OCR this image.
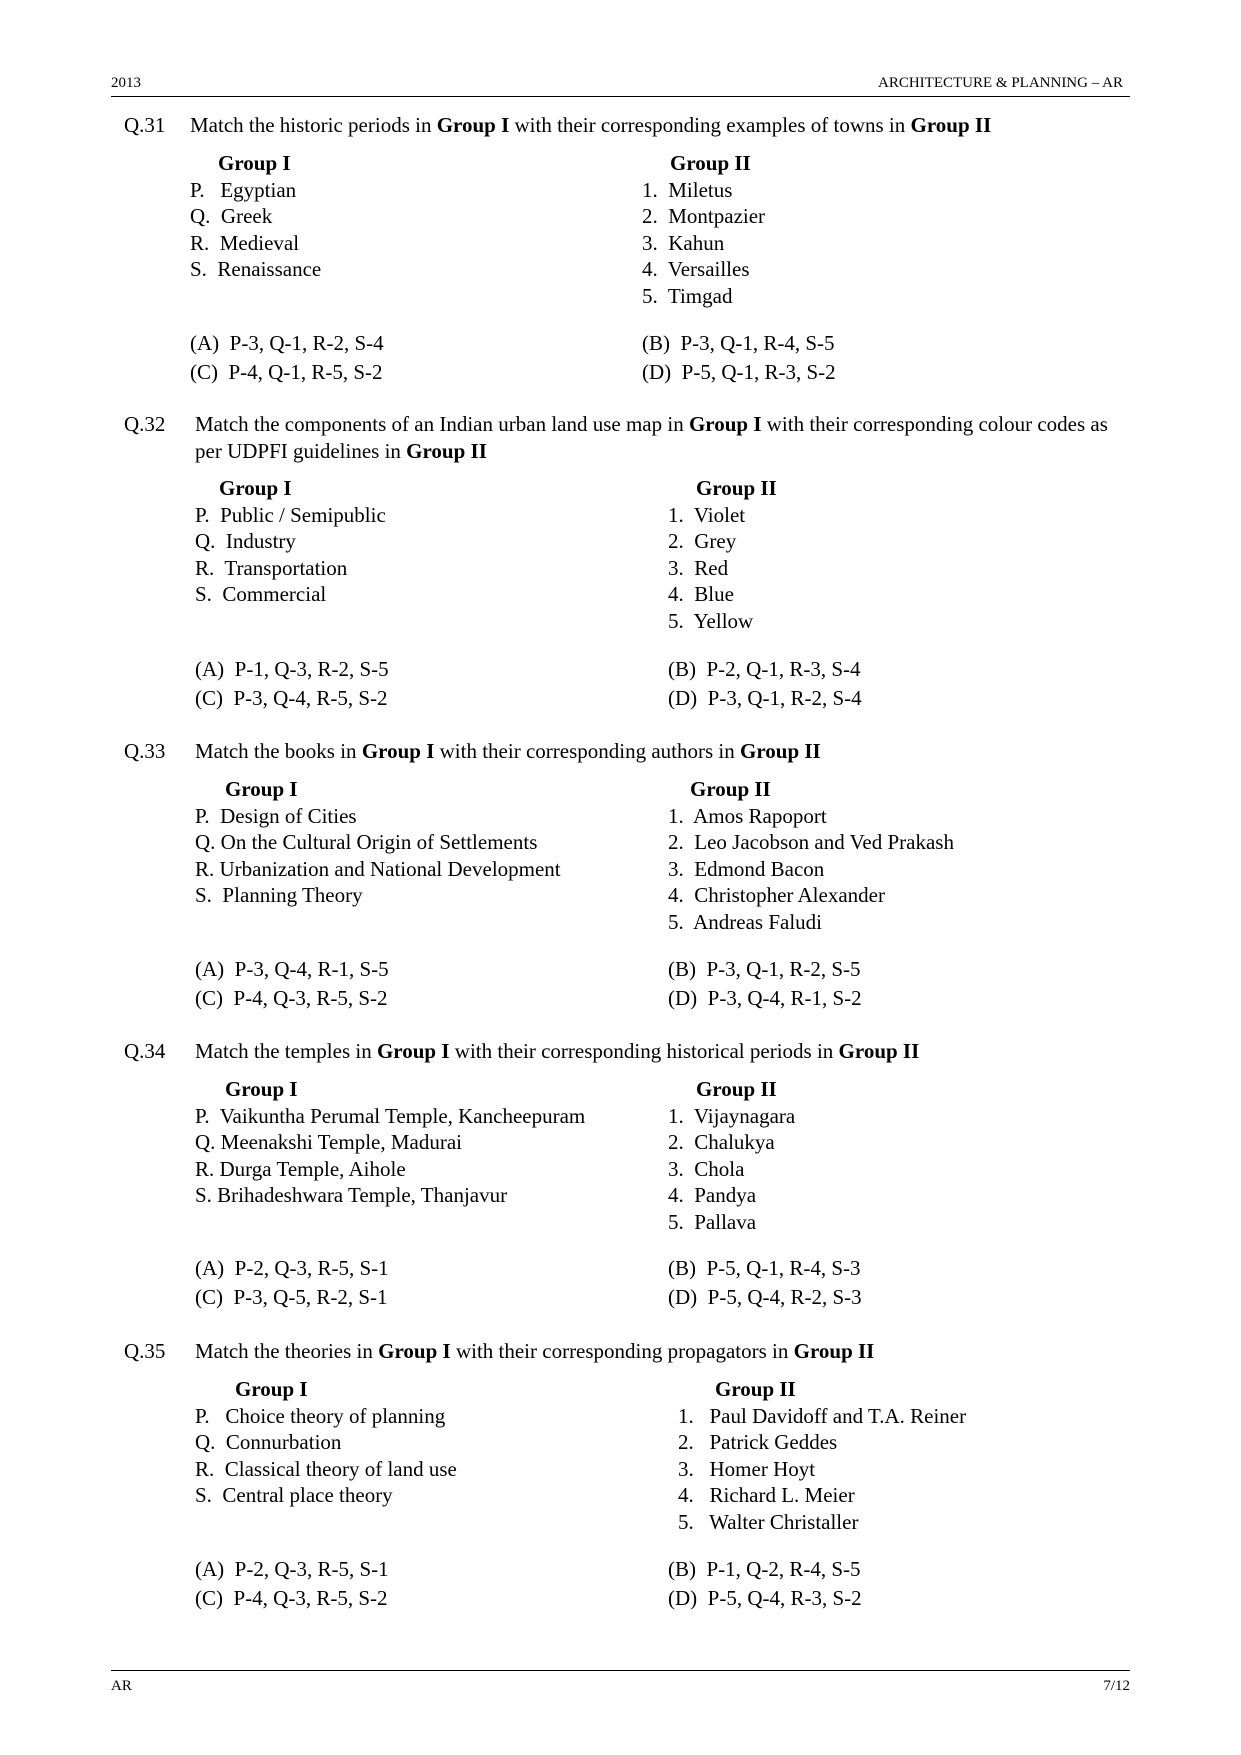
2013	ARCHITECTURE & PLANNING – AR
Q.31 Match the historic periods in Group I with their corresponding examples of towns in Group II
Group I
P.   Egyptian
Q.  Greek
R.  Medieval
S.  Renaissance
Group II
1.  Miletus
2.  Montpazier
3.  Kahun
4.  Versailles
5.  Timgad
(A)  P-3, Q-1, R-2, S-4	(B)  P-3, Q-1, R-4, S-5
(C)  P-4, Q-1, R-5, S-2	(D)  P-5, Q-1, R-3, S-2
Q.32 Match the components of an Indian urban land use map in Group I with their corresponding colour codes as per UDPFI guidelines in Group II
Group I
P.  Public / Semipublic
Q.  Industry
R.  Transportation
S.  Commercial
Group II
1.  Violet
2.  Grey
3.  Red
4.  Blue
5.  Yellow
(A)  P-1, Q-3, R-2, S-5	(B)  P-2, Q-1, R-3, S-4
(C)  P-3, Q-4, R-5, S-2	(D)  P-3, Q-1, R-2, S-4
Q.33 Match the books in Group I with their corresponding authors in Group II
Group I
P.  Design of Cities
Q. On the Cultural Origin of Settlements
R. Urbanization and National Development
S.  Planning Theory
Group II
1.  Amos Rapoport
2.  Leo Jacobson and Ved Prakash
3.  Edmond Bacon
4.  Christopher Alexander
5.  Andreas Faludi
(A)  P-3, Q-4, R-1, S-5	(B)  P-3, Q-1, R-2, S-5
(C)  P-4, Q-3, R-5, S-2	(D)  P-3, Q-4, R-1, S-2
Q.34 Match the temples in Group I with their corresponding historical periods in Group II
Group I
P.  Vaikuntha Perumal Temple, Kancheepuram
Q. Meenakshi Temple, Madurai
R. Durga Temple, Aihole
S. Brihadeshwara Temple, Thanjavur
Group II
1.  Vijaynagara
2.  Chalukya
3.  Chola
4.  Pandya
5.  Pallava
(A)  P-2, Q-3, R-5, S-1	(B)  P-5, Q-1, R-4, S-3
(C)  P-3, Q-5, R-2, S-1	(D)  P-5, Q-4, R-2, S-3
Q.35 Match the theories in Group I with their corresponding propagators in Group II
Group I
P.   Choice theory of planning
Q.  Connurbation
R.  Classical theory of land use
S.  Central place theory
Group II
1.   Paul Davidoff and T.A. Reiner
2.   Patrick Geddes
3.   Homer Hoyt
4.   Richard L. Meier
5.   Walter Christaller
(A)  P-2, Q-3, R-5, S-1	(B)  P-1, Q-2, R-4, S-5
(C)  P-4, Q-3, R-5, S-2	(D)  P-5, Q-4, R-3, S-2
AR	7/12
